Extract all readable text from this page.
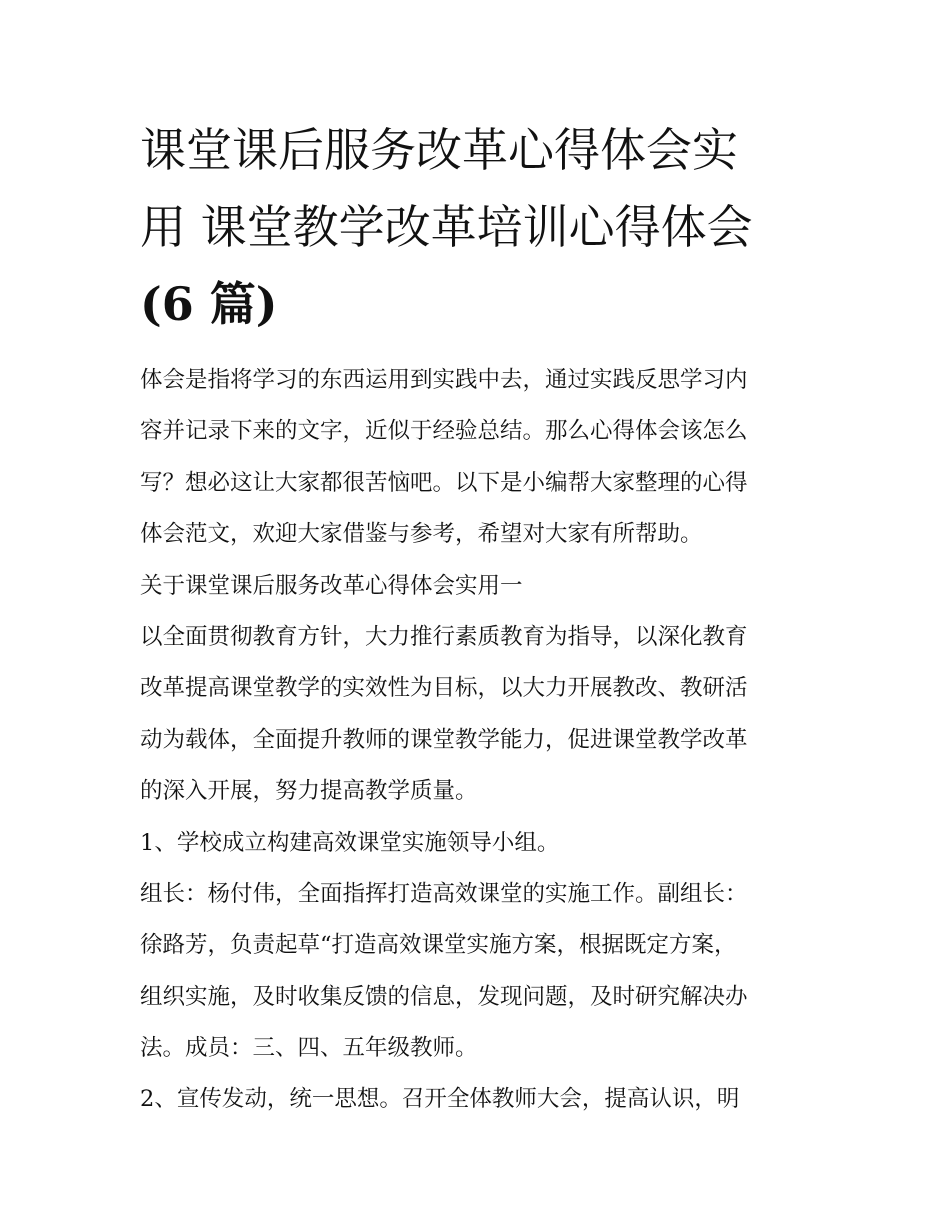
课堂课后服务改革心得体会实
用 课堂教学改革培训心得体会
(6 篇)
体会是指将学习的东西运用到实践中去，通过实践反思学习内
容并记录下来的文字，近似于经验总结。那么心得体会该怎么
写？想必这让大家都很苦恼吧。以下是小编帮大家整理的心得
体会范文，欢迎大家借鉴与参考，希望对大家有所帮助。
关于课堂课后服务改革心得体会实用一
以全面贯彻教育方针，大力推行素质教育为指导，以深化教育
改革提高课堂教学的实效性为目标，以大力开展教改、教研活
动为载体，全面提升教师的课堂教学能力，促进课堂教学改革
的深入开展，努力提高教学质量。
1、学校成立构建高效课堂实施领导小组。
组长：杨付伟，全面指挥打造高效课堂的实施工作。副组长：
徐路芳，负责起草“打造高效课堂实施方案，根据既定方案，
组织实施，及时收集反馈的信息，发现问题，及时研究解决办
法。成员：三、四、五年级教师。
2、宣传发动，统一思想。召开全体教师大会，提高认识，明
